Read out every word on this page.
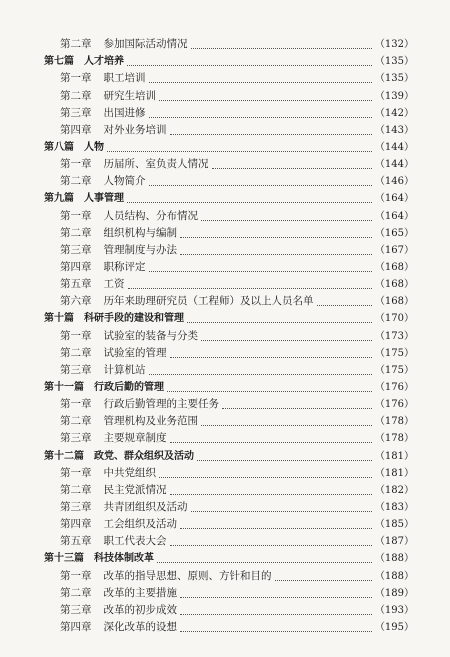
第二章 参加国际活动情况	（132）
第七篇 人才培养	（135）
第一章 职工培训	（135）
第二章 研究生培训	（139）
第三章 出国进修	（142）
第四章 对外业务培训	（143）
第八篇 人物	（144）
第一章 历届所、室负责人情况	（144）
第二章 人物简介	（146）
第九篇 人事管理	（164）
第一章 人员结构、分布情况	（164）
第二章 组织机构与编制	（165）
第三章 管理制度与办法	（167）
第四章 职称评定	（168）
第五章 工资	（168）
第六章 历年来助理研究员（工程师）及以上人员名单	（168）
第十篇 科研手段的建设和管理	（170）
第一章 试验室的装备与分类	（173）
第二章 试验室的管理	（175）
第三章 计算机站	（175）
第十一篇 行政后勤的管理	（176）
第一章 行政后勤管理的主要任务	（176）
第二章 管理机构及业务范围	（178）
第三章 主要规章制度	（178）
第十二篇 政党、群众组织及活动	（181）
第一章 中共党组织	（181）
第二章 民主党派情况	（182）
第三章 共青团组织及活动	（183）
第四章 工会组织及活动	（185）
第五章 职工代表大会	（187）
第十三篇 科技体制改革	（188）
第一章 改革的指导思想、原则、方针和目的	（188）
第二章 改革的主要措施	（189）
第三章 改革的初步成效	（193）
第四章 深化改革的设想	（195）
